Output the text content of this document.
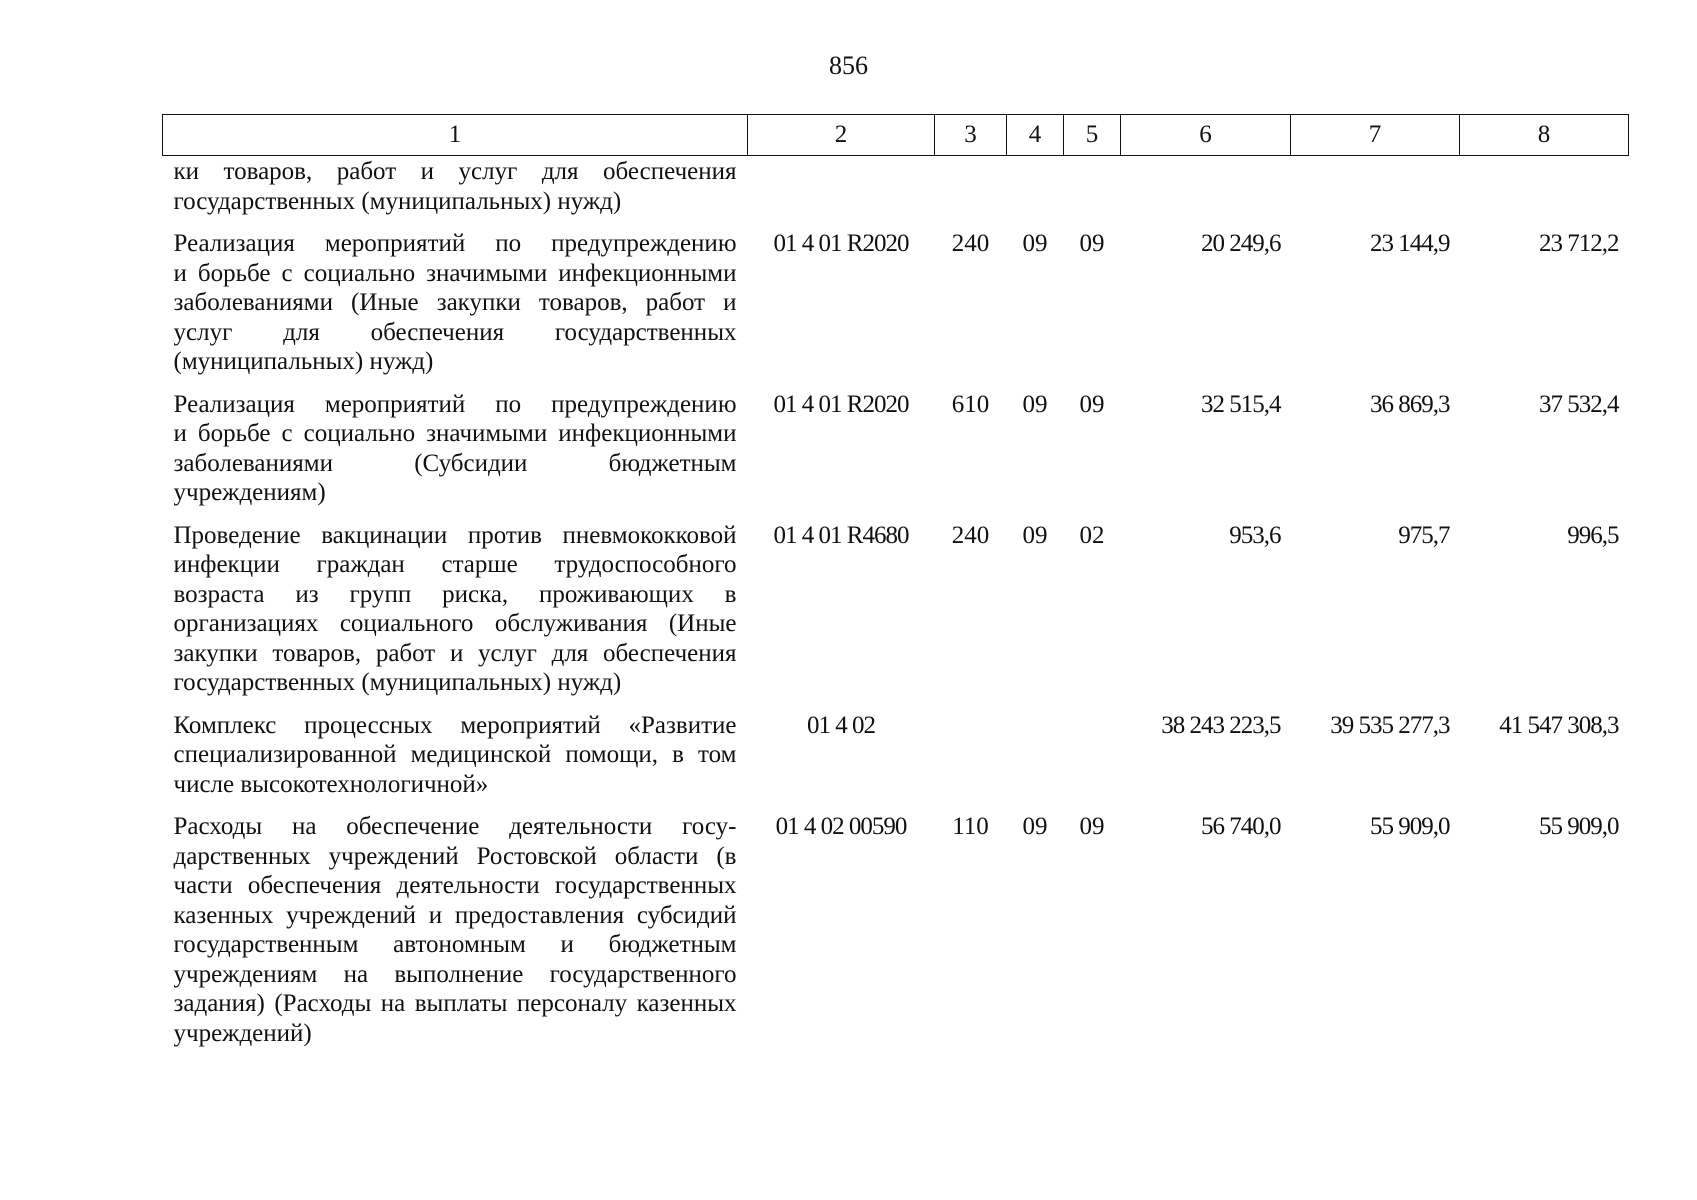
856
1	2	3	4	5	6	7	8
ки товаров, работ и услуг для обеспечения государственных (муниципальных) нужд)							
Реализация мероприятий по предупреждению и борьбе с социально значимыми инфекционными заболеваниями (Иные закупки товаров, работ и услуг для обеспечения государственных (муниципальных) нужд)	01 4 01 R2020	240	09	09	20 249,6	23 144,9	23 712,2
Реализация мероприятий по предупреждению и борьбе с социально значимыми инфекционными заболеваниями (Субсидии бюджетным учреждениям)	01 4 01 R2020	610	09	09	32 515,4	36 869,3	37 532,4
Проведение вакцинации против пневмококковой инфекции граждан старше трудоспособного возраста из групп риска, проживающих в организациях социального обслуживания (Иные закупки товаров, работ и услуг для обеспечения государственных (муниципальных) нужд)	01 4 01 R4680	240	09	02	953,6	975,7	996,5
Комплекс процессных мероприятий «Развитие специализированной медицинской помощи, в том числе высокотехнологичной»	01 4 02				38 243 223,5	39 535 277,3	41 547 308,3
Расходы на обеспечение деятельности государственных учреждений Ростовской области (в части обеспечения деятельности государственных казенных учреждений и предоставления субсидий государственным автономным и бюджетным учреждениям на выполнение государственного задания) (Расходы на выплаты персоналу казенных учреждений)	01 4 02 00590	110	09	09	56 740,0	55 909,0	55 909,0
